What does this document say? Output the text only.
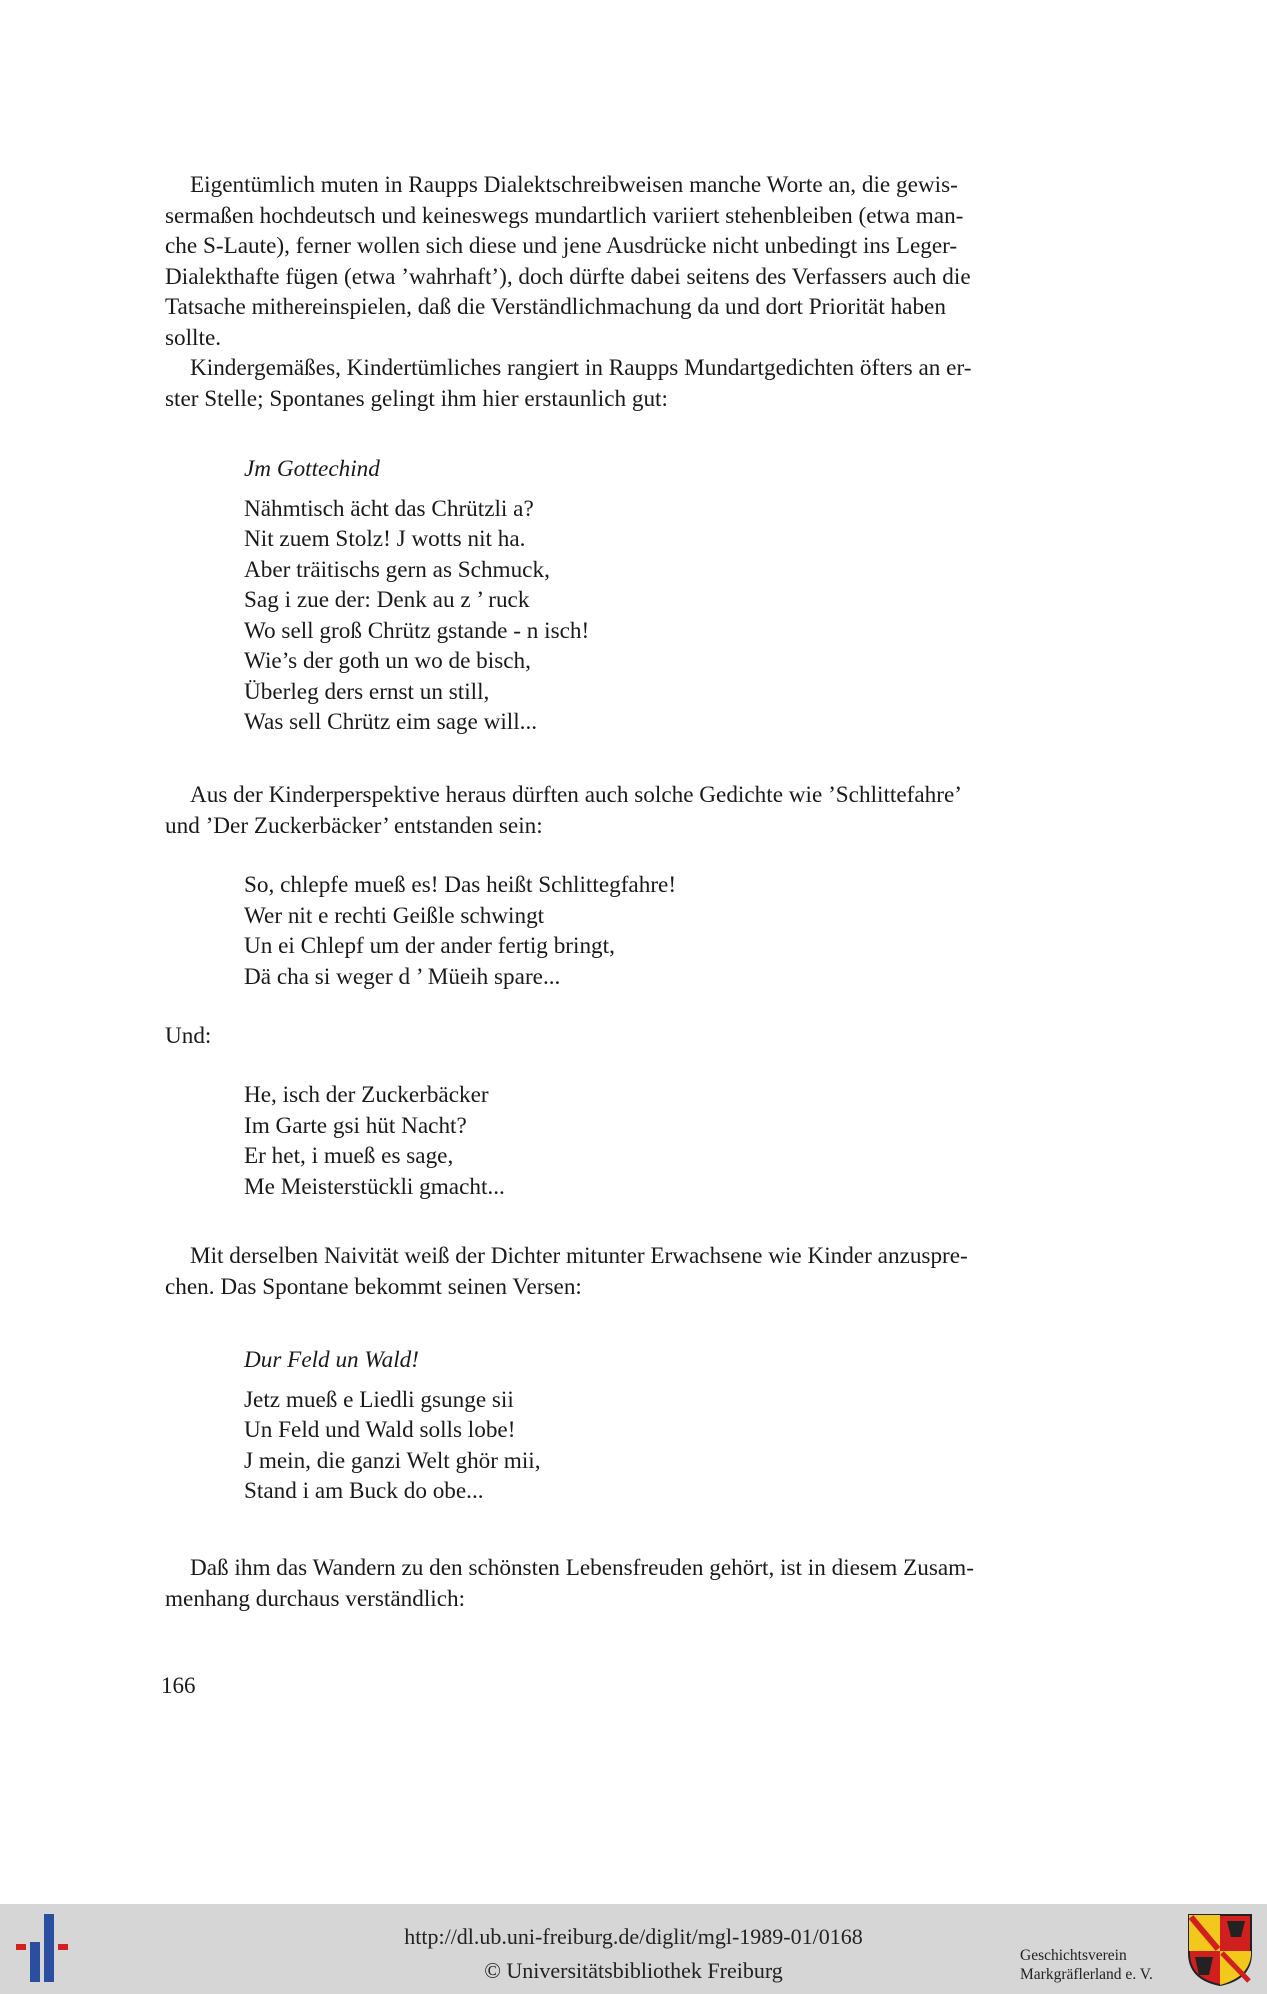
Eigentümlich muten in Raupps Dialektschreibweisen manche Worte an, die gewis-
sermaßen hochdeutsch und keineswegs mundartlich variiert stehenbleiben (etwa man-
che S-Laute), ferner wollen sich diese und jene Ausdrücke nicht unbedingt ins Leger-
Dialekthafte fügen (etwa ’wahrhaft’), doch dürfte dabei seitens des Verfassers auch die
Tatsache mithereinspielen, daß die Verständlichmachung da und dort Priorität haben
sollte.

Kindergemäßes, Kindertümliches rangiert in Raupps Mundartgedichten öfters an er-
ster Stelle; Spontanes gelingt ihm hier erstaunlich gut:

Jm Gottechind
Nähmtisch ächt das Chrützli a?
Nit zuem Stolz! J wotts nit ha.
Aber träitischs gern as Schmuck,
Sag i zue der: Denk au z ’ ruck
Wo sell groß Chrütz gstande - n isch!
Wie’s der goth un wo de bisch,
Überleg ders ernst un still,
Was sell Chrütz eim sage will...

Aus der Kinderperspektive heraus dürften auch solche Gedichte wie ’Schlittefahre’
und ’Der Zuckerbäcker’ entstanden sein:

So, chlepfe mueß es! Das heißt Schlittegfahre!
Wer nit e rechti Geißle schwingt
Un ei Chlepf um der ander fertig bringt,
Dä cha si weger d ’ Müeih spare...
Und:
He, isch der Zuckerbäcker
Im Garte gsi hüt Nacht?
Er het, i mueß es sage,
Me Meisterstückli gmacht...

Mit derselben Naivität weiß der Dichter mitunter Erwachsene wie Kinder anzuspre-
chen. Das Spontane bekommt seinen Versen:

Dur Feld un Wald!
Jetz mueß e Liedli gsunge sii
Un Feld und Wald solls lobe!
J mein, die ganzi Welt ghör mii,
Stand i am Buck do obe...

Daß ihm das Wandern zu den schönsten Lebensfreuden gehört, ist in diesem Zusam-
menhang durchaus verständlich:

166
http://dl.ub.uni-freiburg.de/diglit/mgl-1989-01/0168
© Universitätsbibliothek Freiburg
Geschichtsverein
Markgräflerland e. V.
